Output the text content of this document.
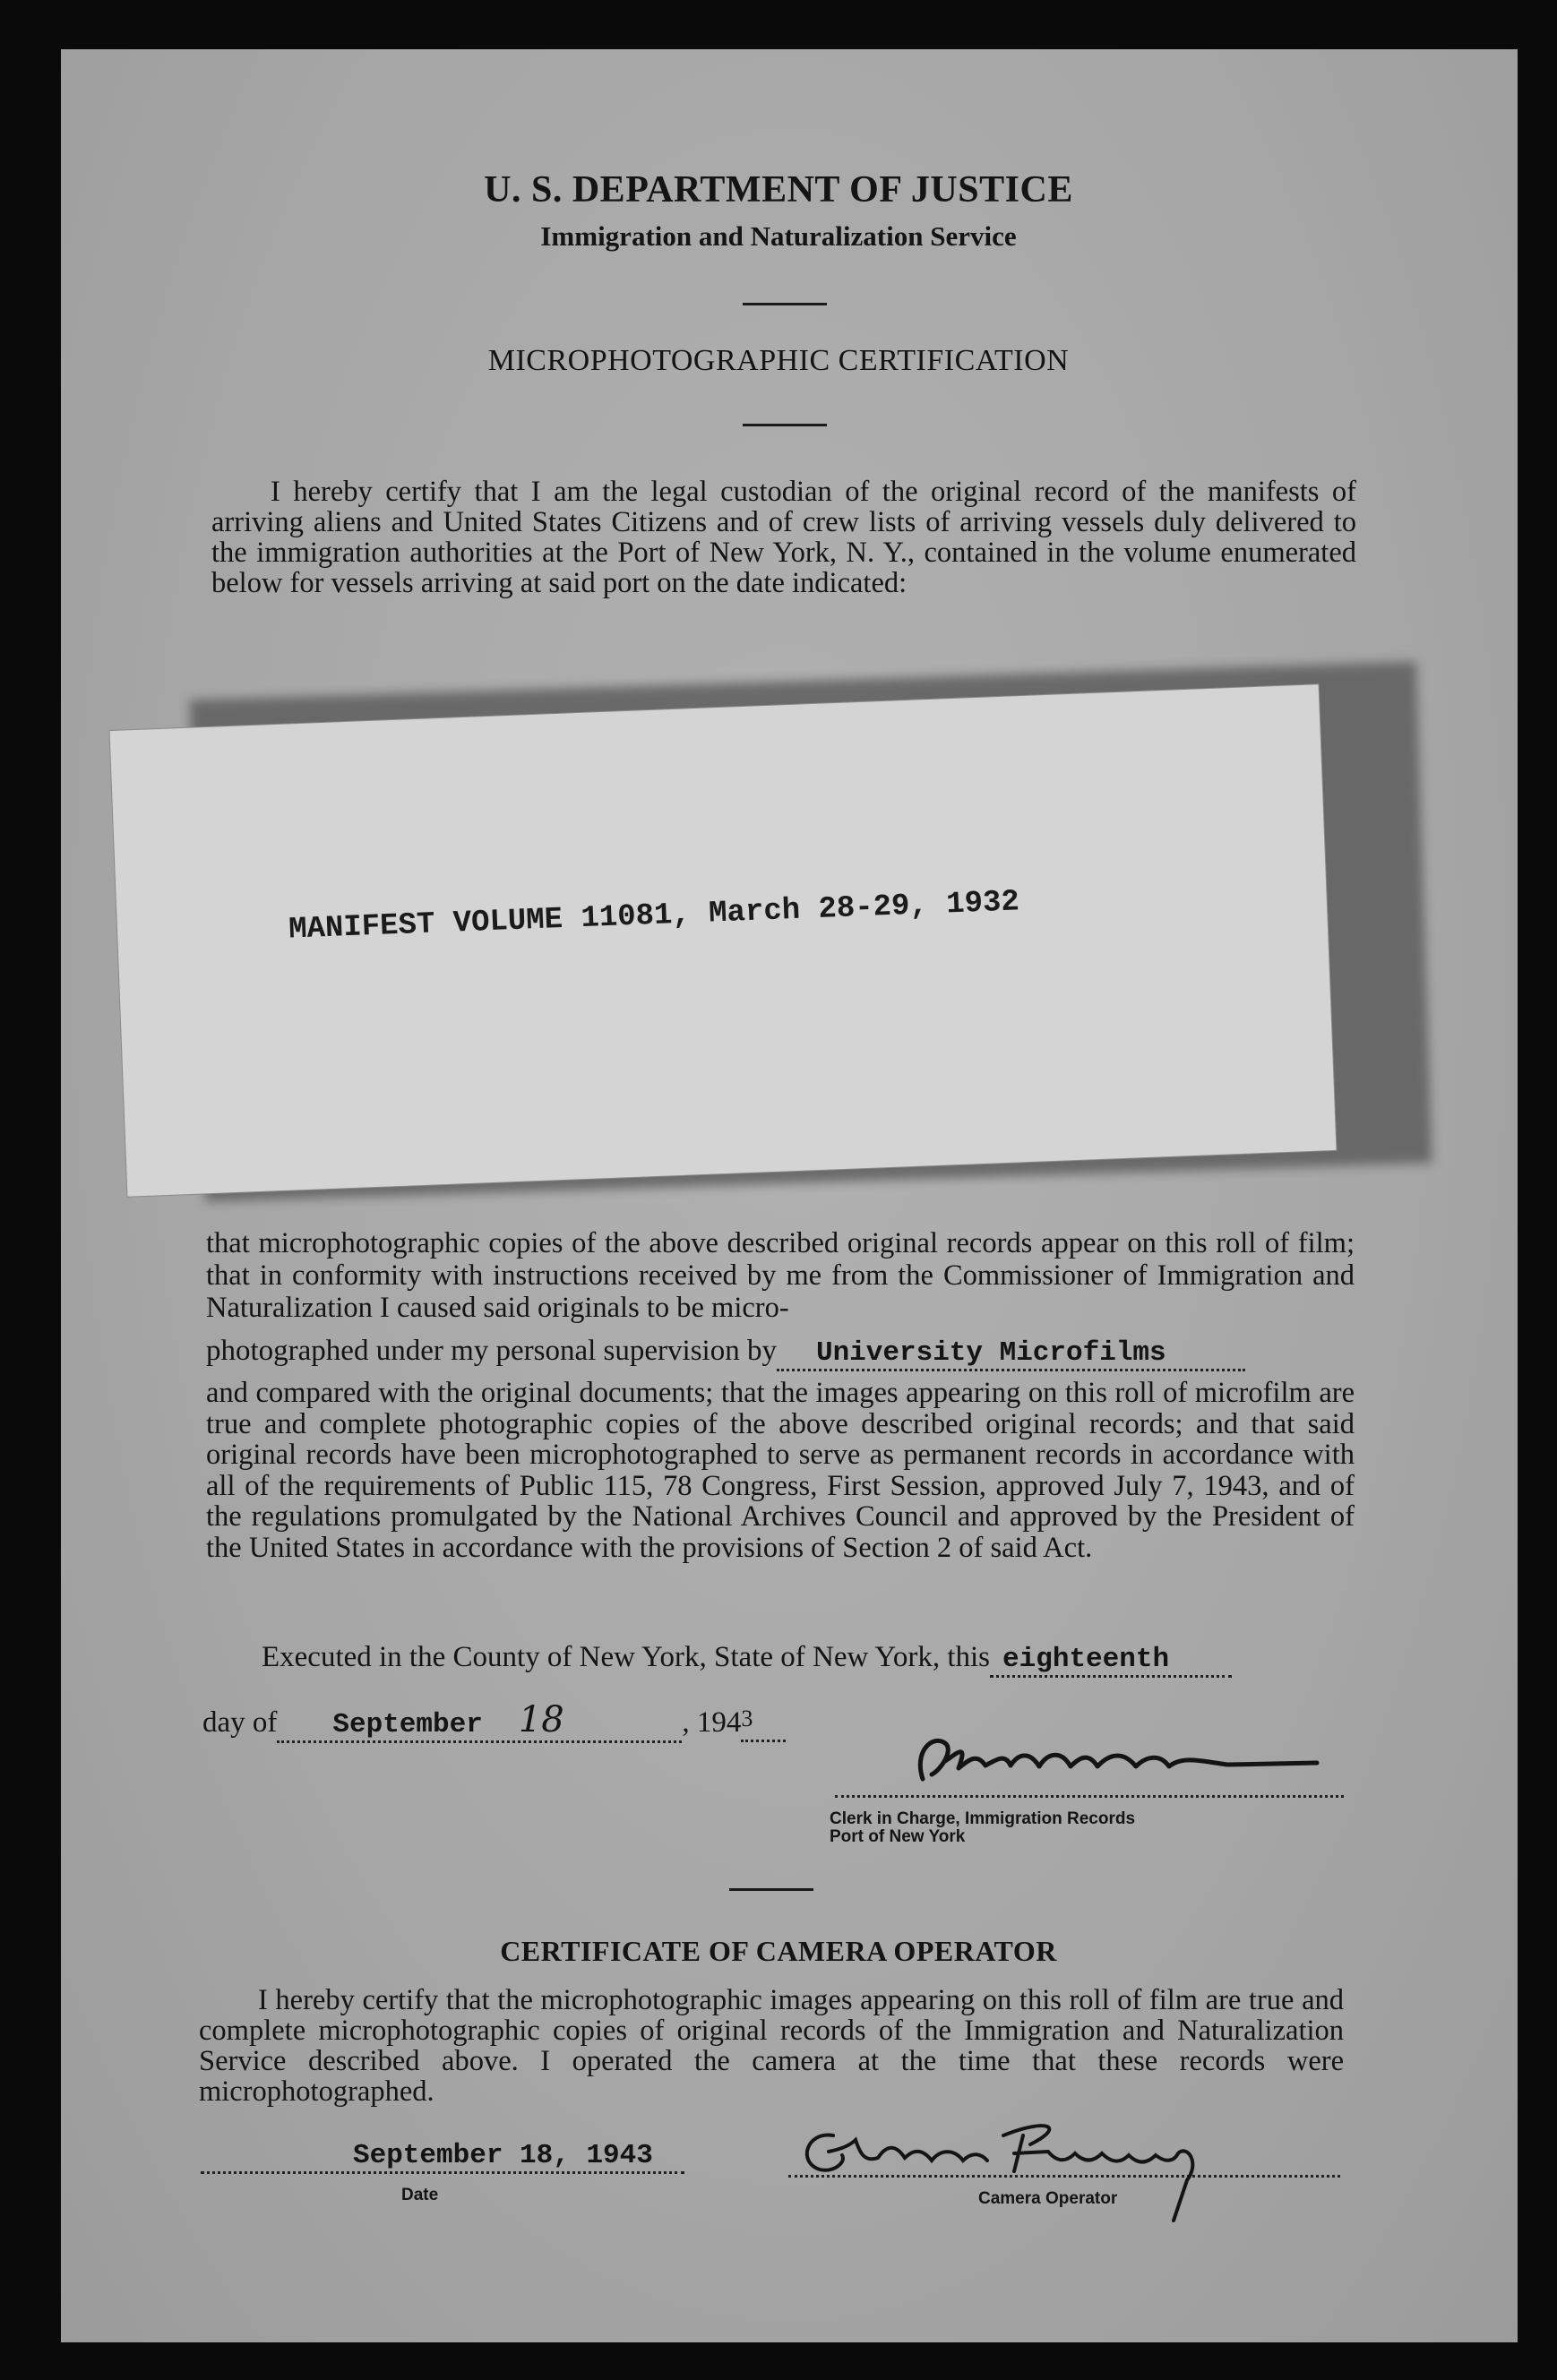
U. S. DEPARTMENT OF JUSTICE
Immigration and Naturalization Service
MICROPHOTOGRAPHIC CERTIFICATION

I hereby certify that I am the legal custodian of the original record of the manifests of arriving aliens and United States Citizens and of crew lists of arriving vessels duly delivered to the immigration authorities at the Port of New York, N. Y., contained in the volume enumerated below for vessels arriving at said port on the date indicated:

MANIFEST VOLUME 11081, March 28-29, 1932

that microphotographic copies of the above described original records appear on this roll of film; that in conformity with instructions received by me from the Commissioner of Immigration and Naturalization I caused said originals to be micro-

photographed under my personal supervision by University Microfilms

and compared with the original documents; that the images appearing on this roll of microfilm are true and complete photographic copies of the above described original records; and that said original records have been microphotographed to serve as permanent records in accordance with all of the requirements of Public 115, 78 Congress, First Session, approved July 7, 1943, and of the regulations promulgated by the National Archives Council and approved by the President of the United States in accordance with the provisions of Section 2 of said Act.

Executed in the County of New York, State of New York, this eighteenth
day of September 18	, 1943
Clerk in Charge, Immigration Records
Port of New York
CERTIFICATE OF CAMERA OPERATOR

I hereby certify that the microphotographic images appearing on this roll of film are true and complete microphotographic copies of original records of the Immigration and Naturalization Service described above. I operated the camera at the time that these records were microphotographed.

September 18, 1943
Date	Camera Operator
